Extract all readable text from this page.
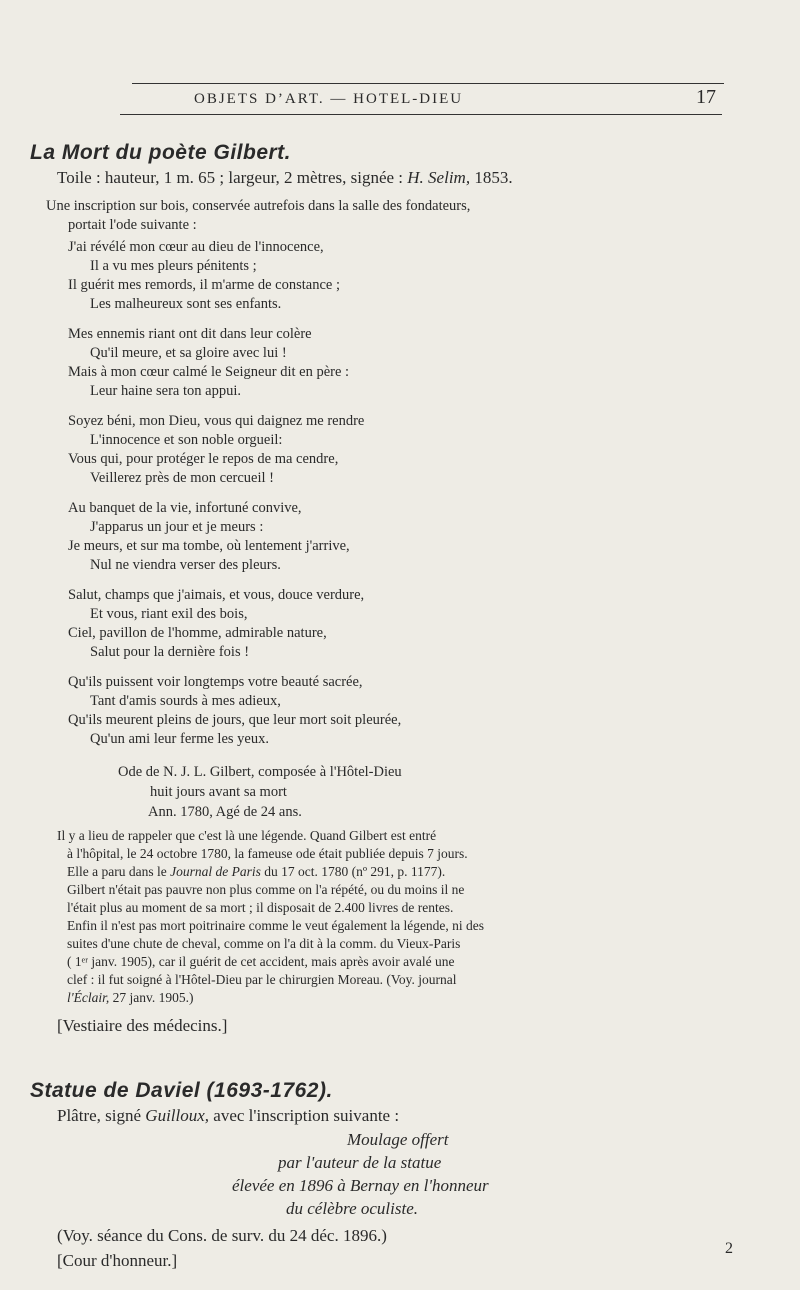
OBJETS D’ART. — HOTEL-DIEU	17
La Mort du poète Gilbert.
Toile : hauteur, 1 m. 65 ; largeur, 2 mètres, signée : H. Selim, 1853.
Une inscription sur bois, conservée autrefois dans la salle des fondateurs,
portait l'ode suivante :
J'ai révélé mon cœur au dieu de l'innocence,
Il a vu mes pleurs pénitents ;
Il guérit mes remords, il m'arme de constance ;
Les malheureux sont ses enfants.
Mes ennemis riant ont dit dans leur colère
Qu'il meure, et sa gloire avec lui !
Mais à mon cœur calmé le Seigneur dit en père :
Leur haine sera ton appui.
Soyez béni, mon Dieu, vous qui daignez me rendre
L'innocence et son noble orgueil:
Vous qui, pour protéger le repos de ma cendre,
Veillerez près de mon cercueil !
Au banquet de la vie, infortuné convive,
J'apparus un jour et je meurs :
Je meurs, et sur ma tombe, où lentement j'arrive,
Nul ne viendra verser des pleurs.
Salut, champs que j'aimais, et vous, douce verdure,
Et vous, riant exil des bois,
Ciel, pavillon de l'homme, admirable nature,
Salut pour la dernière fois !
Qu'ils puissent voir longtemps votre beauté sacrée,
Tant d'amis sourds à mes adieux,
Qu'ils meurent pleins de jours, que leur mort soit pleurée,
Qu'un ami leur ferme les yeux.
Ode de N. J. L. Gilbert, composée à l'Hôtel-Dieu
huit jours avant sa mort
Ann. 1780, Agé de 24 ans.
Il y a lieu de rappeler que c'est là une légende. Quand Gilbert est entré
à l'hôpital, le 24 octobre 1780, la fameuse ode était publiée depuis 7 jours.
Elle a paru dans le Journal de Paris du 17 oct. 1780 (nº 291, p. 1177).
Gilbert n'était pas pauvre non plus comme on l'a répété, ou du moins il ne
l'était plus au moment de sa mort ; il disposait de 2.400 livres de rentes.
Enfin il n'est pas mort poitrinaire comme le veut également la légende, ni des
suites d'une chute de cheval, comme on l'a dit à la comm. du Vieux-Paris
( 1ᵉʳ janv. 1905), car il guérit de cet accident, mais après avoir avalé une
clef : il fut soigné à l'Hôtel-Dieu par le chirurgien Moreau. (Voy. journal
l'Éclair, 27 janv. 1905.)
[Vestiaire des médecins.]
Statue de Daviel (1693-1762).
Plâtre, signé Guilloux, avec l'inscription suivante :
Moulage offert
par l'auteur de la statue
élevée en 1896 à Bernay en l'honneur
du célèbre oculiste.
(Voy. séance du Cons. de surv. du 24 déc. 1896.)
[Cour d'honneur.]
2
